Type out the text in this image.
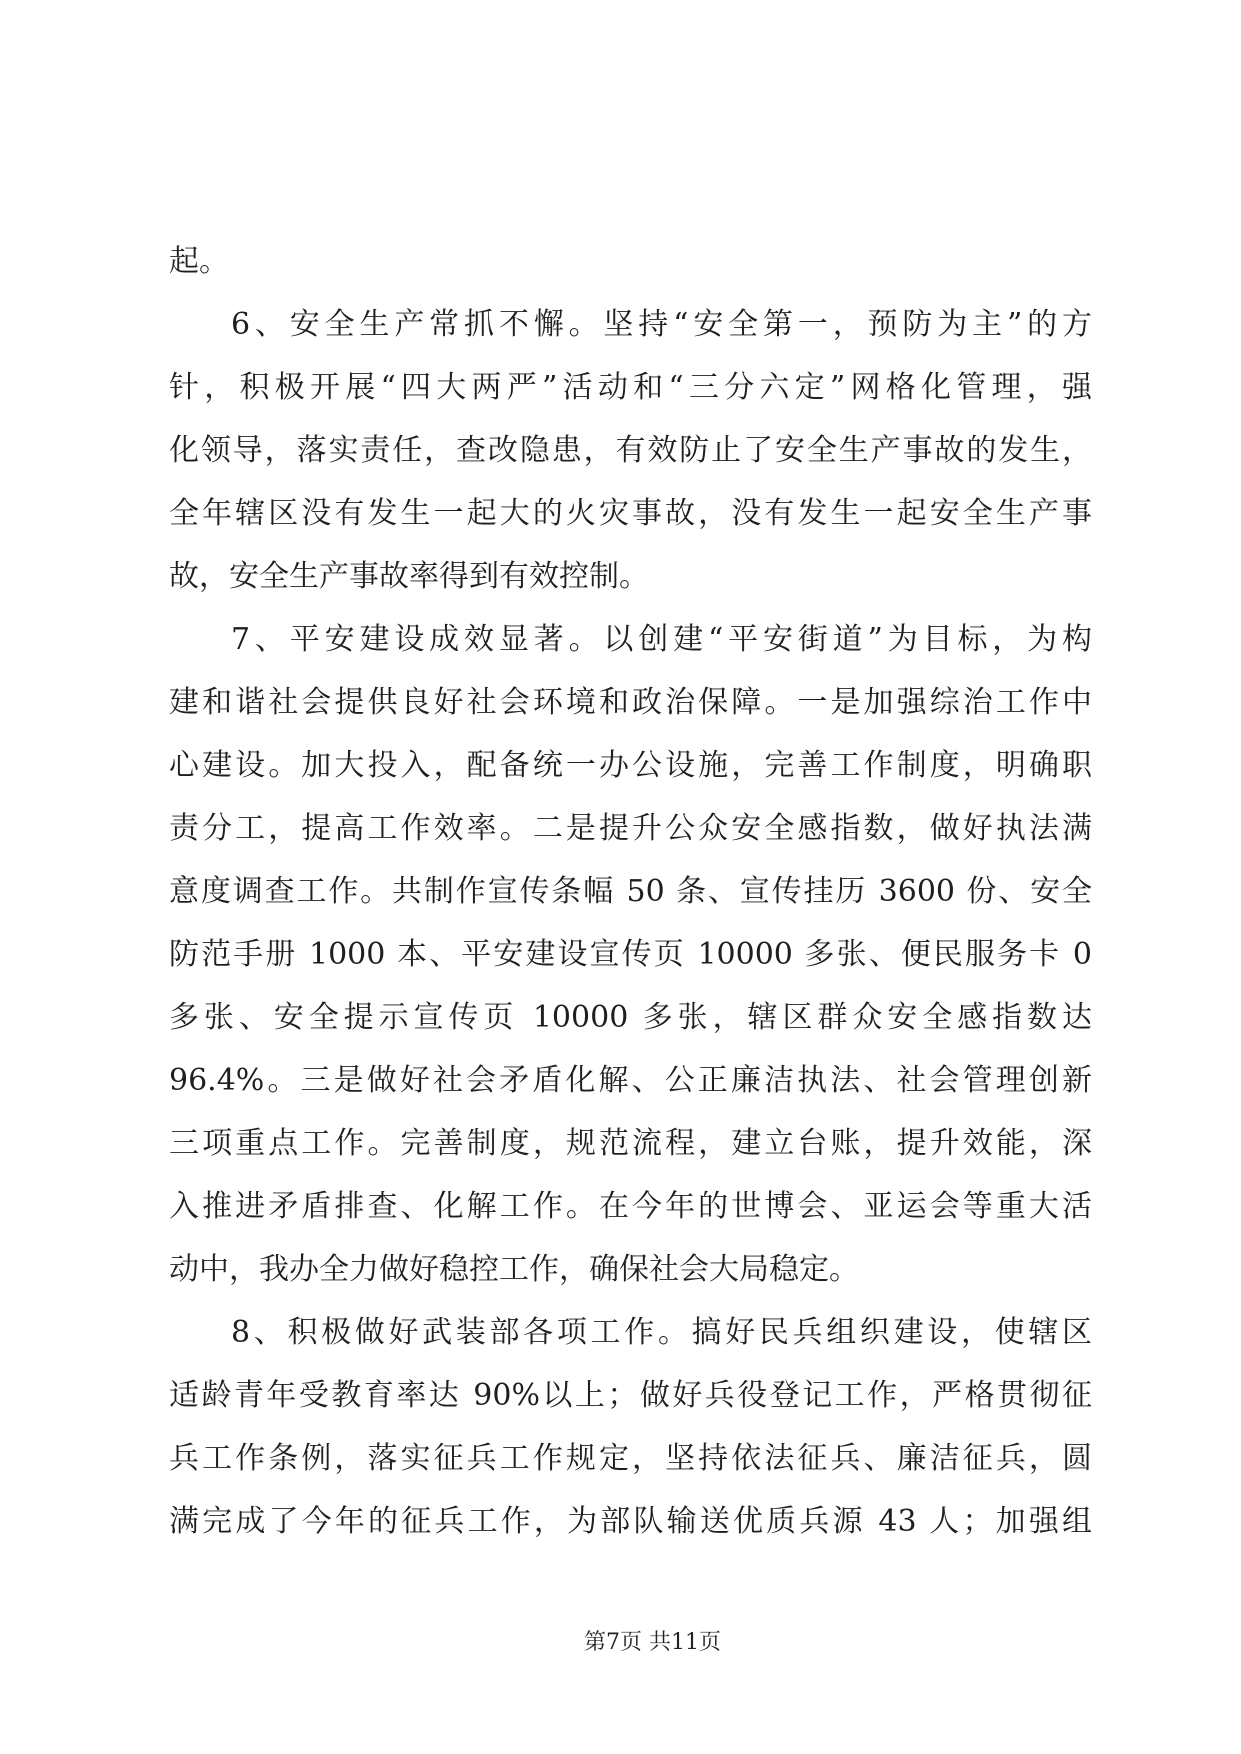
起。
6、安全生产常抓不懈。坚持“安全第一，预防为主”的方
针，积极开展“四大两严”活动和“三分六定”网格化管理，强
化领导，落实责任，查改隐患，有效防止了安全生产事故的发生，
全年辖区没有发生一起大的火灾事故，没有发生一起安全生产事
故，安全生产事故率得到有效控制。
7、平安建设成效显著。以创建“平安街道”为目标，为构
建和谐社会提供良好社会环境和政治保障。一是加强综治工作中
心建设。加大投入，配备统一办公设施，完善工作制度，明确职
责分工，提高工作效率。二是提升公众安全感指数，做好执法满
意度调查工作。共制作宣传条幅 50 条、宣传挂历 3600 份、安全
防范手册 1000 本、平安建设宣传页 10000 多张、便民服务卡 0
多张、安全提示宣传页 10000 多张，辖区群众安全感指数达
96.4%。三是做好社会矛盾化解、公正廉洁执法、社会管理创新
三项重点工作。完善制度，规范流程，建立台账，提升效能，深
入推进矛盾排查、化解工作。在今年的世博会、亚运会等重大活
动中，我办全力做好稳控工作，确保社会大局稳定。
8、积极做好武装部各项工作。搞好民兵组织建设，使辖区
适龄青年受教育率达 90%以上；做好兵役登记工作，严格贯彻征
兵工作条例，落实征兵工作规定，坚持依法征兵、廉洁征兵，圆
满完成了今年的征兵工作，为部队输送优质兵源 43 人；加强组
第7页 共11页
